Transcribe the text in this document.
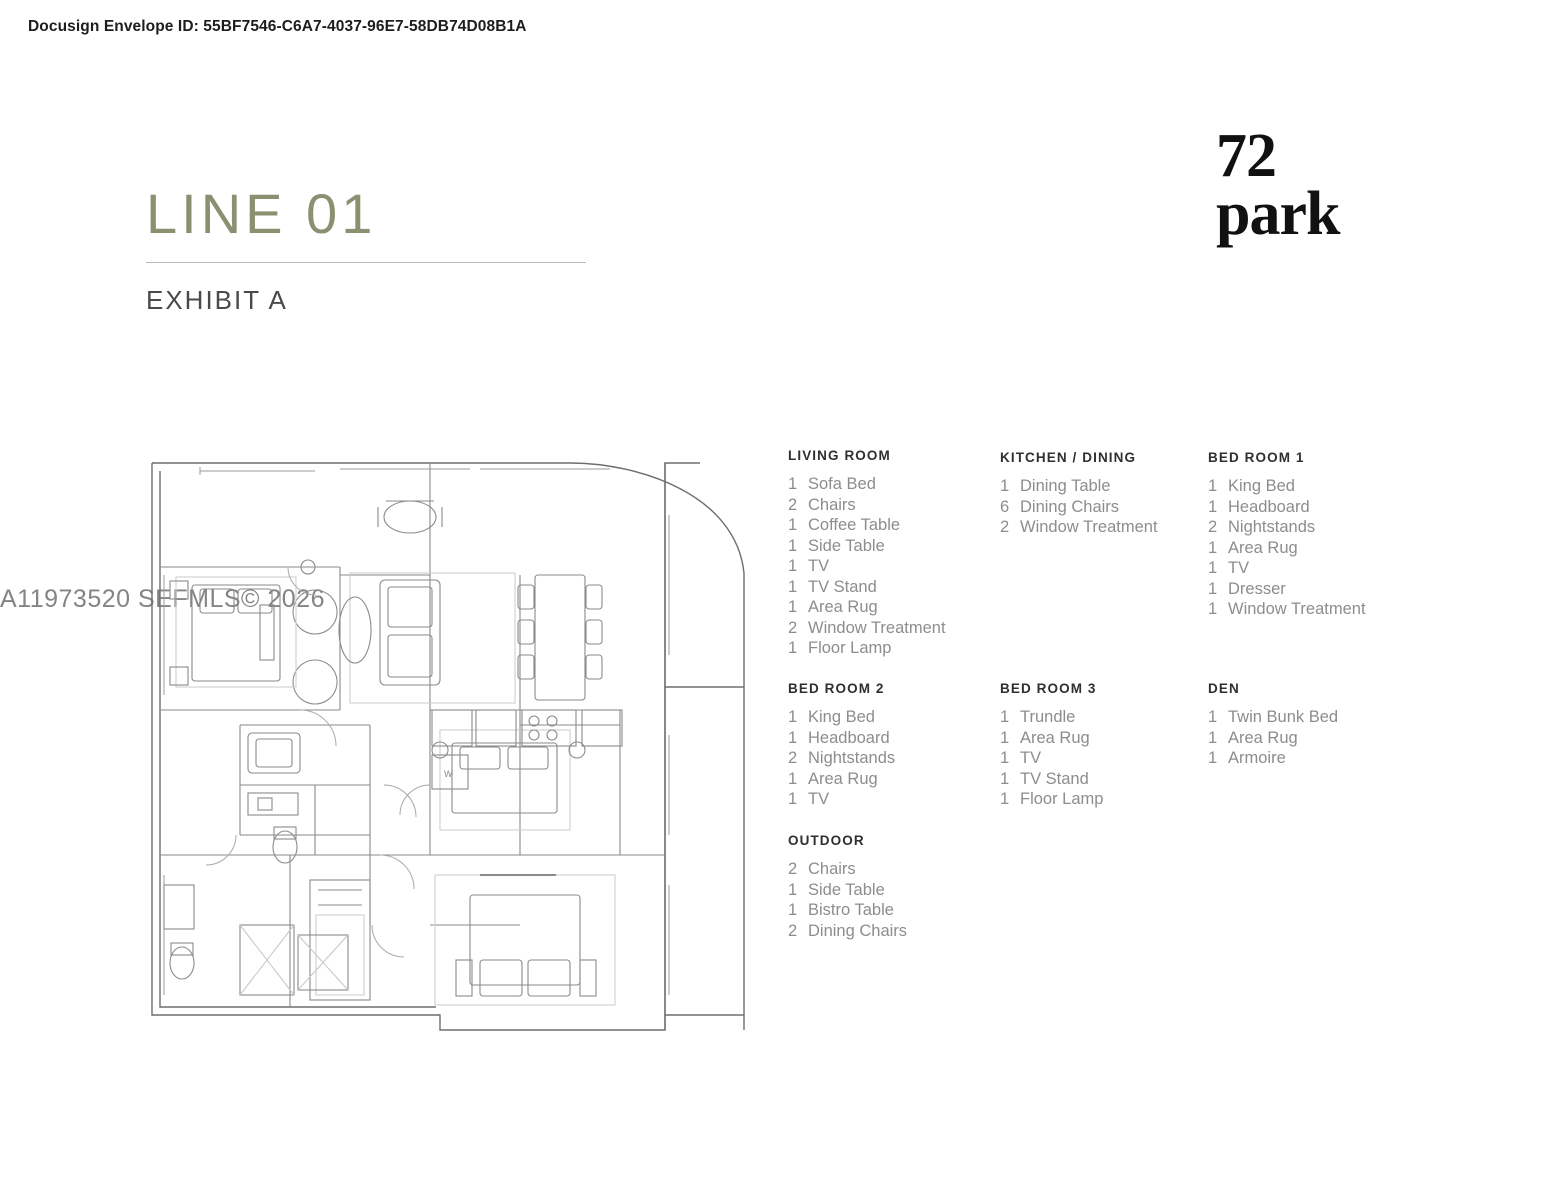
Docusign Envelope ID: 55BF7546-C6A7-4037-96E7-58DB74D08B1A
LINE 01
EXHIBIT A
72
park
A11973520 SEFMLS© 2026
W
LIVING ROOM
1 Sofa Bed
2 Chairs
1 Coffee Table
1 Side Table
1 TV
1 TV Stand
1 Area Rug
2 Window Treatment
1 Floor Lamp
KITCHEN / DINING
1 Dining Table
6 Dining Chairs
2 Window Treatment
BED ROOM 1
1 King Bed
1 Headboard
2 Nightstands
1 Area Rug
1 TV
1 Dresser
1 Window Treatment
BED ROOM 2
1 King Bed
1 Headboard
2 Nightstands
1 Area Rug
1 TV
BED ROOM 3
1 Trundle
1 Area Rug
1 TV
1 TV Stand
1 Floor Lamp
DEN
1 Twin Bunk Bed
1 Area Rug
1 Armoire
OUTDOOR
2 Chairs
1 Side Table
1 Bistro Table
2 Dining Chairs
